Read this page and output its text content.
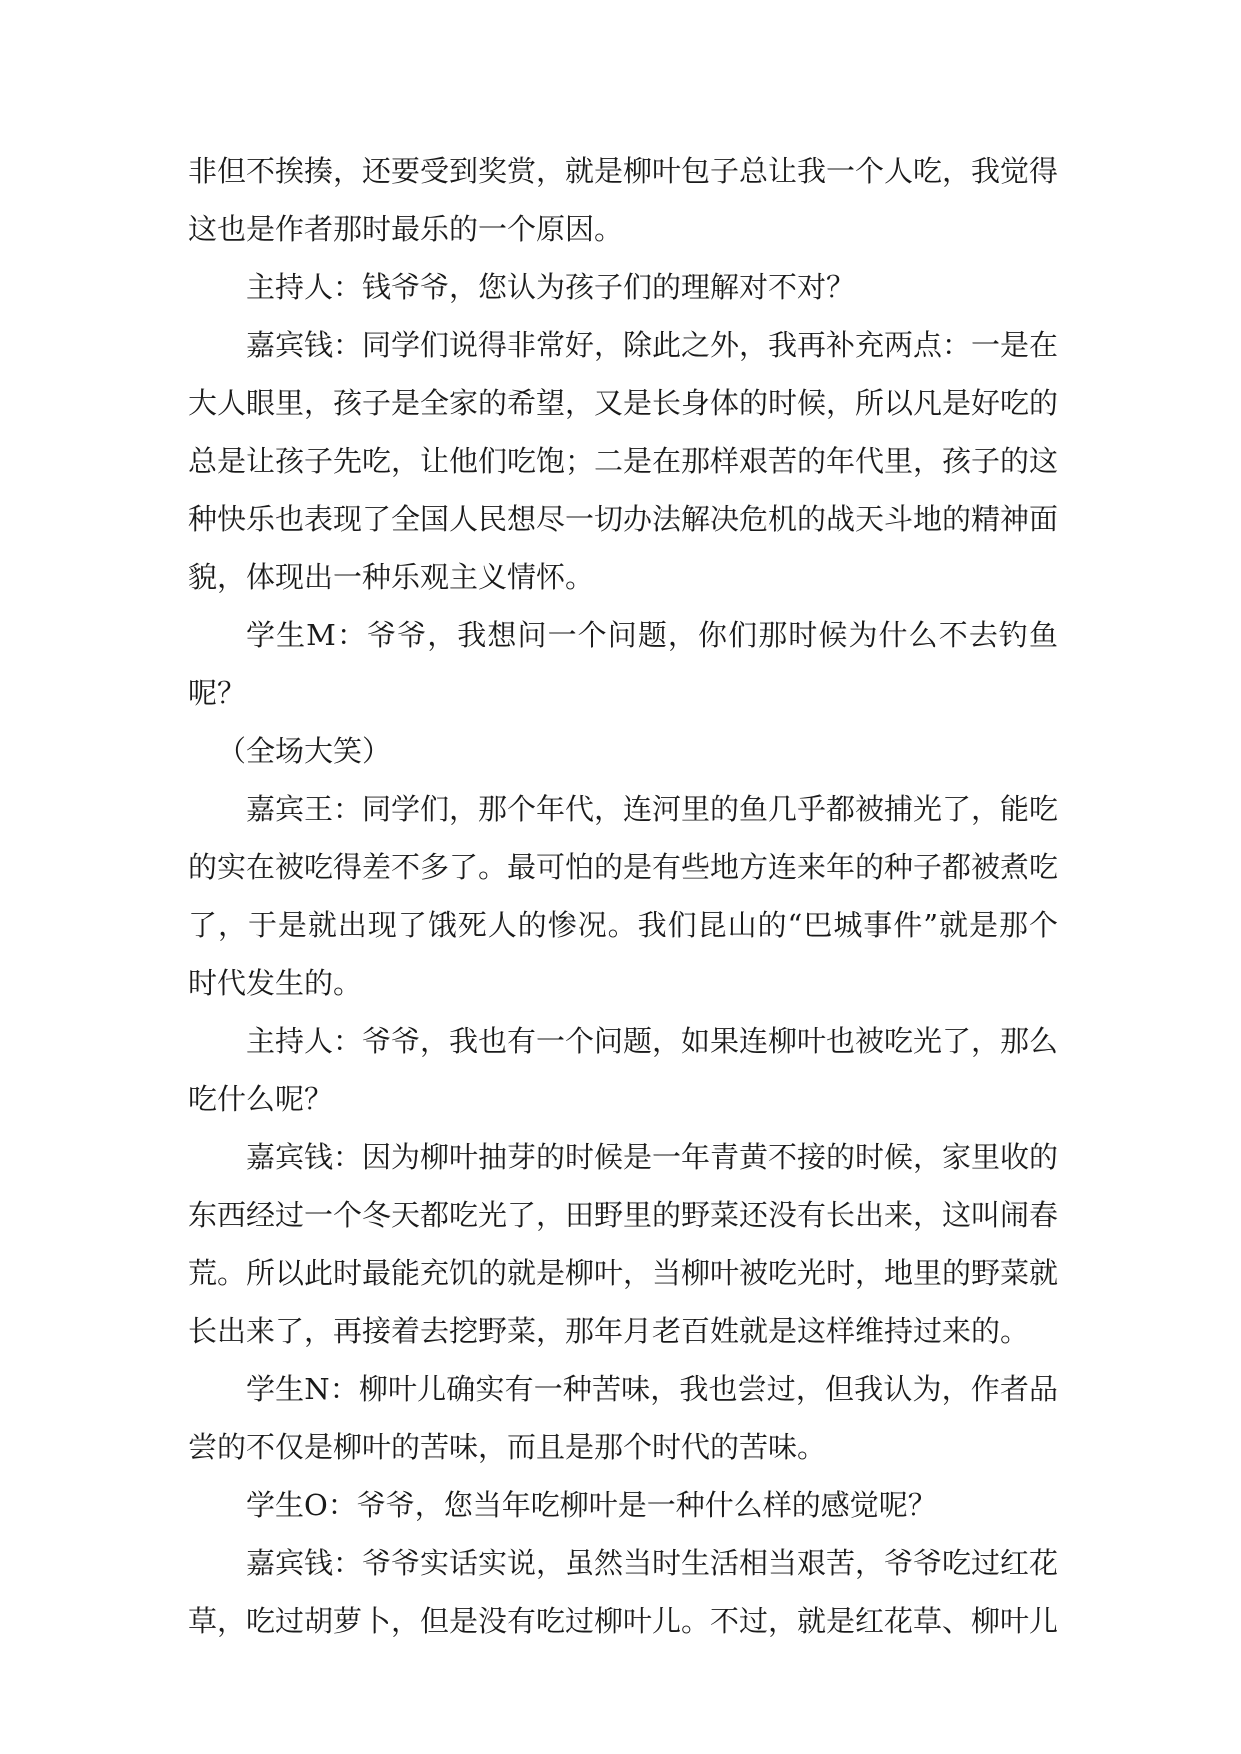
非但不挨揍，还要受到奖赏，就是柳叶包子总让我一个人吃，我觉得这也是作者那时最乐的一个原因。

主持人：钱爷爷，您认为孩子们的理解对不对？

嘉宾钱：同学们说得非常好，除此之外，我再补充两点：一是在大人眼里，孩子是全家的希望，又是长身体的时候，所以凡是好吃的总是让孩子先吃，让他们吃饱；二是在那样艰苦的年代里，孩子的这种快乐也表现了全国人民想尽一切办法解决危机的战天斗地的精神面貌，体现出一种乐观主义情怀。

学生M：爷爷，我想问一个问题，你们那时候为什么不去钓鱼呢？

（全场大笑）

嘉宾王：同学们，那个年代，连河里的鱼几乎都被捕光了，能吃的实在被吃得差不多了。最可怕的是有些地方连来年的种子都被煮吃了，于是就出现了饿死人的惨况。我们昆山的“巴城事件”就是那个时代发生的。

主持人：爷爷，我也有一个问题，如果连柳叶也被吃光了，那么吃什么呢？

嘉宾钱：因为柳叶抽芽的时候是一年青黄不接的时候，家里收的东西经过一个冬天都吃光了，田野里的野菜还没有长出来，这叫闹春荒。所以此时最能充饥的就是柳叶，当柳叶被吃光时，地里的野菜就长出来了，再接着去挖野菜，那年月老百姓就是这样维持过来的。

学生N：柳叶儿确实有一种苦味，我也尝过，但我认为，作者品尝的不仅是柳叶的苦味，而且是那个时代的苦味。

学生O：爷爷，您当年吃柳叶是一种什么样的感觉呢？

嘉宾钱：爷爷实话实说，虽然当时生活相当艰苦，爷爷吃过红花草，吃过胡萝卜，但是没有吃过柳叶儿。不过，就是红花草、柳叶儿
